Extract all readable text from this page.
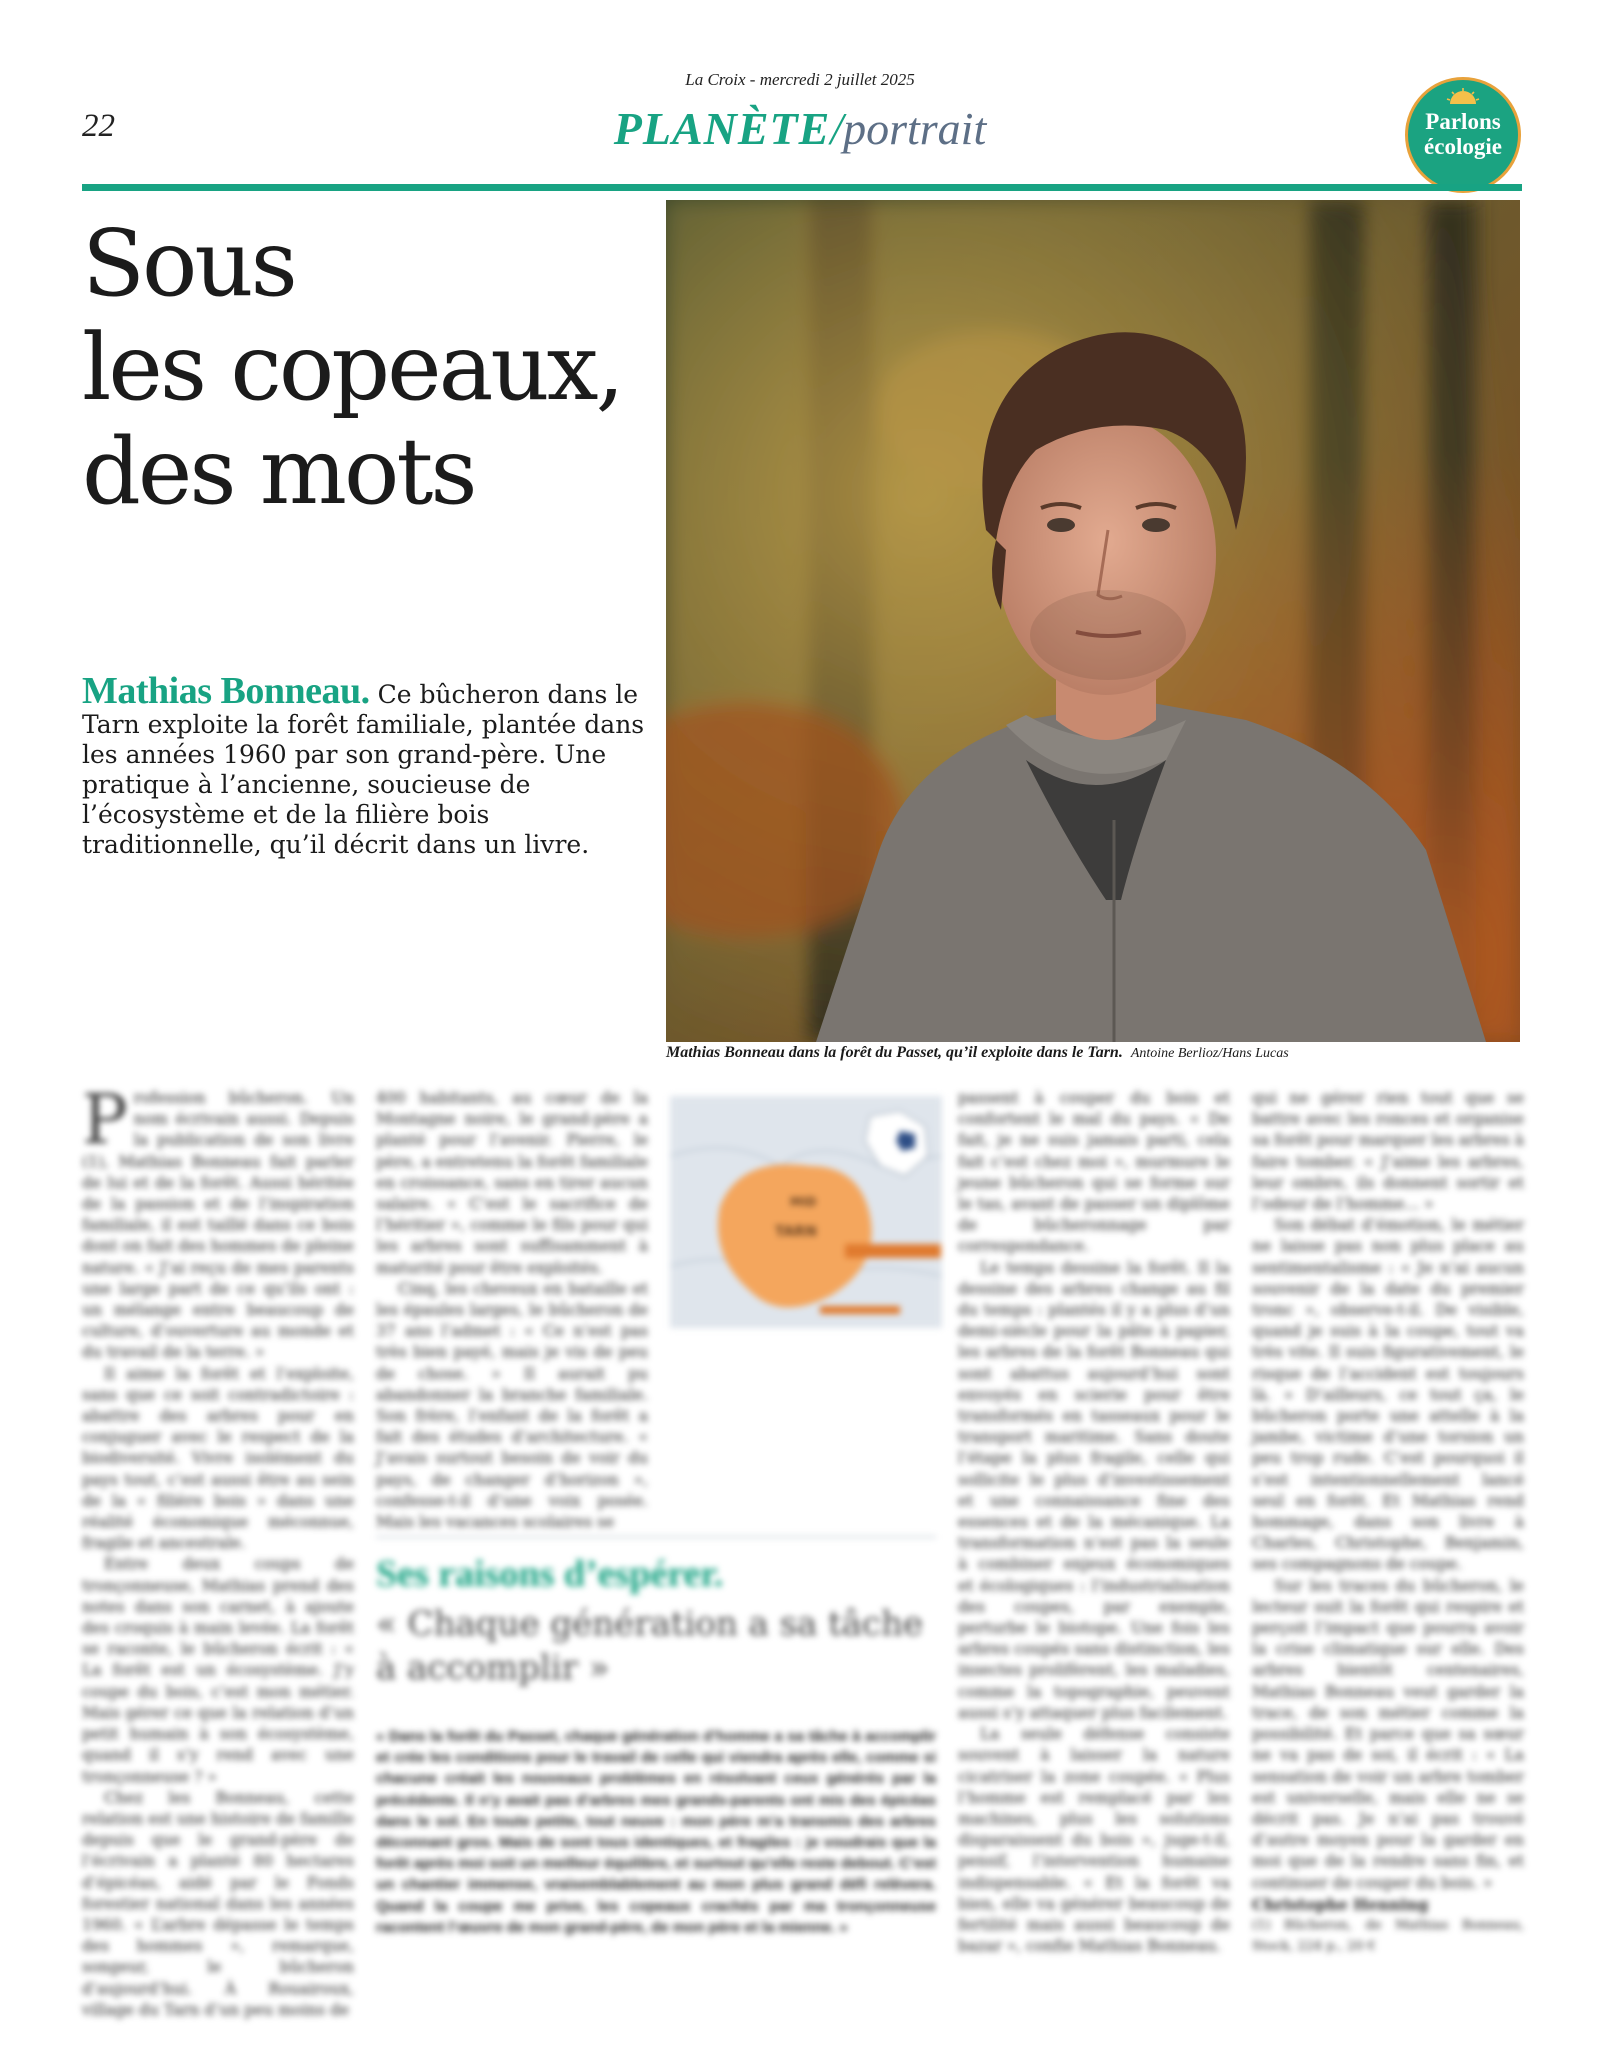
La Croix - mercredi 2 juillet 2025
22	PLANÈTE/portrait	Parlons
écologie
Sous
les copeaux,
des mots

Mathias Bonneau. Ce bûcheron dans le Tarn exploite la forêt familiale, plantée dans les années 1960 par son grand-père. Une pratique à l’ancienne, soucieuse de l’écosystème et de la filière bois traditionnelle, qu’il décrit dans un livre.

Mathias Bonneau dans la forêt du Passet, qu’il exploite dans le Tarn. Antoine Berlioz/Hans Lucas

Profession bûcheron. Un nom écrivain aussi. Depuis la publication de son livre (1), Mathias Bonneau fait parler de lui et de la forêt. Aussi héritée de la passion et de l’inspiration familiale, il est taillé dans ce bois dont on fait des hommes de pleine nature. « J’ai reçu de mes parents une large part de ce qu’ils ont : un mélange entre beaucoup de culture, d’ouverture au monde et du travail de la terre. »

Il aime la forêt et l’exploite, sans que ce soit contradictoire : abattre des arbres pour en conjuguer avec le respect de la biodiversité. Vivre isolément du pays tout, c’est aussi être au sein de la « filière bois » dans une réalité économique méconnue, fragile et ancestrale.

Entre deux coups de tronçonneuse, Mathias prend des notes dans son carnet, à ajoute des croquis à main levée. La forêt se raconte, le bûcheron écrit : « La forêt est un écosystème. J’y coupe du bois, c’est mon métier. Mais gérer ce que la relation d’un petit humain à son écosystème, quand il s’y rend avec une tronçonneuse ? »

Chez les Bonneau, cette relation est une histoire de famille depuis que le grand-père de l’écrivain a planté 80 hectares d’épicéas, aidé par le Fonds forestier national dans les années 1960. « L’arbre dépasse le temps des hommes », remarque, songeur, le bûcheron d’aujourd’hui. À Rouairoux, village du Tarn d’un peu moins de

400 habitants, au cœur de la Montagne noire, le grand-père a planté pour l’avenir. Pierre, le père, a entretenu la forêt familiale en croissance, sans en tirer aucun salaire. « C’est le sacrifice de l’héritier », comme le fils pour qui les arbres sont suffisamment à maturité pour être exploités.

Cinq, les cheveux en bataille et les épaules larges, le bûcheron de 37 ans l’admet : « Ce n’est pas très bien payé, mais je vis de peu de chose. » Il aurait pu abandonner la branche familiale. Son frère, l’enfant de la forêt a fait des études d’architecture. « J’avais surtout besoin de voir du pays, de changer d’horizon », confesse-t-il d’une voix posée. Mais les vacances scolaires se

MID
TARN

passent à couper du bois et confortent le mal du pays. « De fait, je ne suis jamais parti, cela fait c’est chez moi », murmure le jeune bûcheron qui se forme sur le tas, avant de passer un diplôme de bûcheronnage par correspondance.

Le temps dessine la forêt. Il la dessine des arbres change au fil du temps : plantés il y a plus d’un demi-siècle pour la pâte à papier, les arbres de la forêt Bonneau qui sont abattus aujourd’hui sont envoyés en scierie pour être transformés en tasseaux pour le transport maritime. Sans doute l’étape la plus fragile, celle qui sollicite le plus d’investissement et une connaissance fine des essences et de la mécanique. La transformation n’est pas la seule à combiner enjeux économiques et écologiques : l’industrialisation des coupes, par exemple, perturbe le biotope. Une fois les arbres coupés sans distinction, les insectes prolifèrent, les maladies, comme la topographie, peuvent aussi s’y attaquer plus facilement.

La seule défense consiste souvent à laisser la nature cicatriser la zone coupée. « Plus l’homme est remplacé par les machines, plus les solutions disparaissent du bois », juge-t-il, pensif, l’intervention humaine indispensable. « Et la forêt va bien, elle va générer beaucoup de fertilité mais aussi beaucoup de bazar », confie Mathias Bonneau.

qui ne gérer rien tout que se battre avec les ronces et organise sa forêt pour marquer les arbres à faire tomber. « J’aime les arbres, leur ombre, ils donnent sortir et l’odeur de l’homme... »

Son débat d’émotion, le métier ne laisse pas non plus place au sentimentalisme : « Je n’ai aucun souvenir de la date du premier tronc », observe-t-il. De visible, quand je suis à la coupe, tout va très vite. Il suis figurativement, le risque de l’accident est toujours là. » D’ailleurs, ce tout ça, le bûcheron porte une attelle à la jambe, victime d’une torsion un peu trop rude. C’est pourquoi il s’est intentionnellement lancé seul en forêt. Et Mathias rend hommage, dans son livre à Charles, Christophe, Benjamin, ses compagnons de coupe.

Sur les traces du bûcheron, le lecteur suit la forêt qui respire et perçoit l’impact que pourra avoir la crise climatique sur elle. Des arbres bientôt centenaires, Mathias Bonneau veut garder la trace, de son métier comme la possibilité. Et parce que sa sœur ne va pas de soi, il écrit : « La sensation de voir un arbre tomber est universelle, mais elle ne se décrit pas. Je n’ai pas trouvé d’autre moyen pour la garder en moi que de la rendre sans fin, et continuer de couper du bois. »

Christophe Henning

(1) Bûcheron, de Mathias Bonneau, Stock, 224 p., 20 €

Ses raisons d’espérer.
« Chaque génération a sa tâche à accomplir »
« Dans la forêt du Passet, chaque génération d’homme a sa tâche à accomplir et crée les conditions pour le travail de celle qui viendra après elle, comme si chacune créait les nouveaux problèmes en résolvant ceux générés par la précédente. Il n’y avait pas d’arbres mes grands-parents ont mis des épicéas dans le sol. En toute petite, tout neuve : mon père m’a transmis des arbres déconnant gros. Mais de sont tous identiques, et fragiles : je voudrais que la forêt après moi soit un meilleur équilibre, et surtout qu’elle reste debout. C’est un chantier immense, vraisemblablement au mon plus grand défi relèvera. Quand la coupe me prive, les copeaux crachés par ma tronçonneuse racontent l’œuvre de mon grand-père, de mon père et la mienne. »
